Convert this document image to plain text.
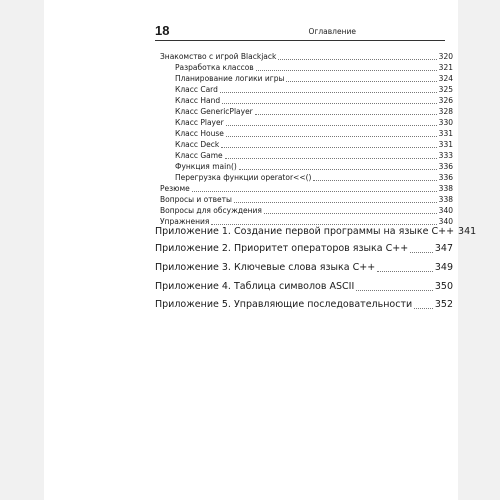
18	Оглавление
Знакомство с игрой Blackjack	320
Разработка классов	321
Планирование логики игры	324
Класс Card	325
Класс Hand	326
Класс GenericPlayer	328
Класс Player	330
Класс House	331
Класс Deck	331
Класс Game	333
Функция main()	336
Перегрузка функции operator<<()	336
Резюме	338
Вопросы и ответы	338
Вопросы для обсуждения	340
Упражнения	340
Приложение 1. Создание первой программы на языке С++ 341
Приложение 2. Приоритет операторов языка С++	347
Приложение 3. Ключевые слова языка С++	349
Приложение 4. Таблица символов ASCII	350
Приложение 5. Управляющие последовательности 352
